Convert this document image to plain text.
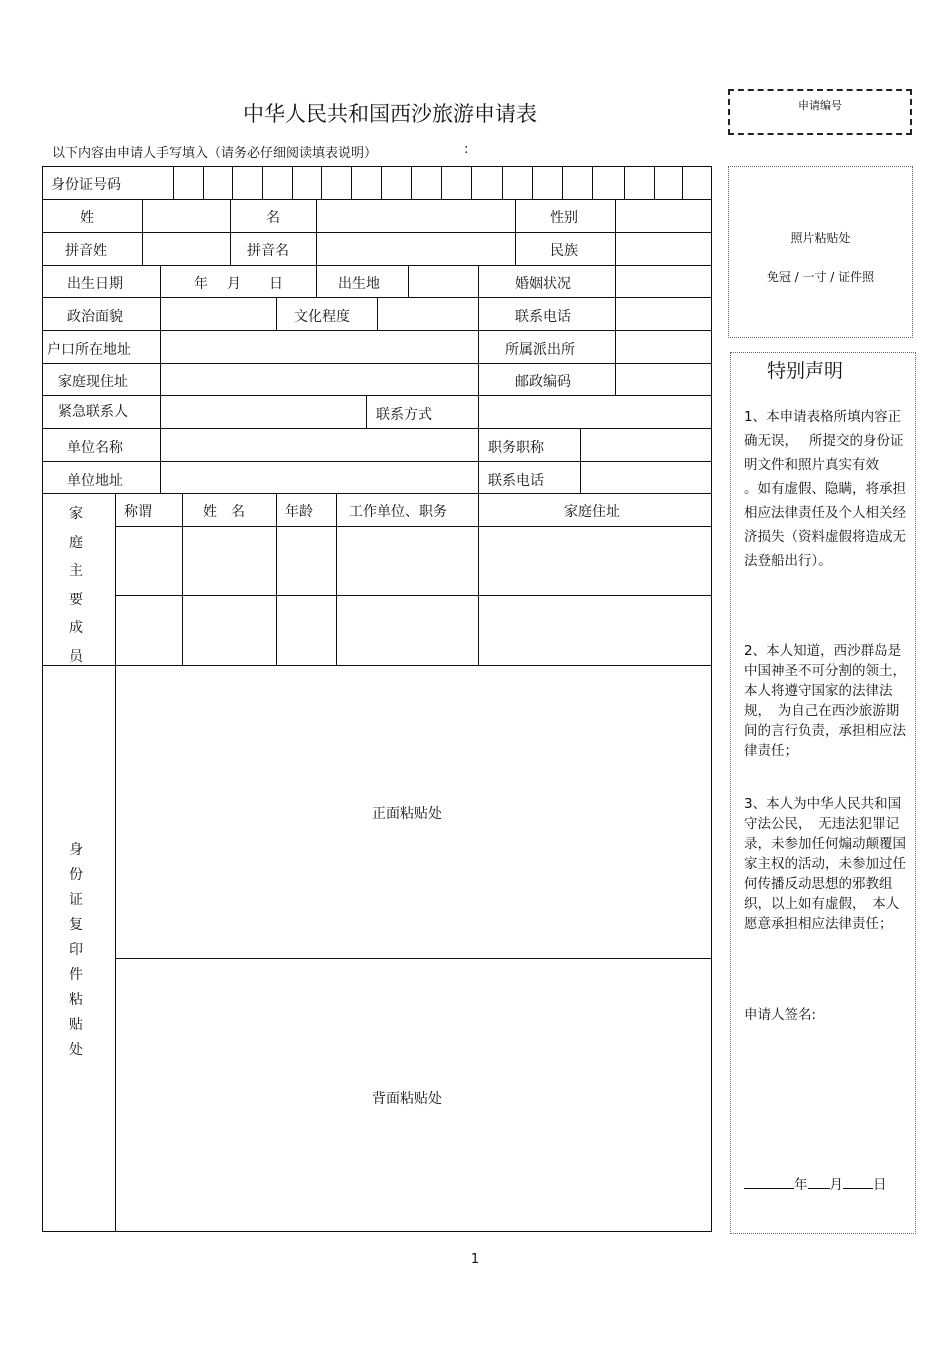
中华人民共和国西沙旅游申请表
以下内容由申请人手写填入（请务必仔细阅读填表说明）	:
申请编号
照片粘贴处
免冠 / 一寸 / 证件照
身份证号码
姓	名	性别
拼音姓	拼音名	民族
出生日期	年 月 日	出生地	婚姻状况
政治面貌	文化程度	联系电话
户口所在地址	所属派出所
家庭现住址	邮政编码
紧急联系人	联系方式
单位名称	职务职称
单位地址	联系电话
家
庭
主
要
成
员
称谓	姓　名	年龄	工作单位、职务	家庭住址
身
份
证
复
印
件
粘
贴
处
正面粘贴处
背面粘贴处
特别声明

1、本申请表格所填内容正确无误，　 所提交的身份证明文件和照片真实有效　 。如有虚假、隐瞒，将承担相应法律责任及个人相关经济损失（资料虚假将造成无法登船出行）。

2、本人知道，西沙群岛是中国神圣不可分割的领土，本人将遵守国家的法律法规，　为自己在西沙旅游期间的言行负责，承担相应法律责任；

3、本人为中华人民共和国守法公民，　无违法犯罪记录，未参加任何煽动颠覆国家主权的活动，未参加过任何传播反动思想的邪教组织，以上如有虚假，　本人愿意承担相应法律责任；

申请人签名:

年 月 日

1
